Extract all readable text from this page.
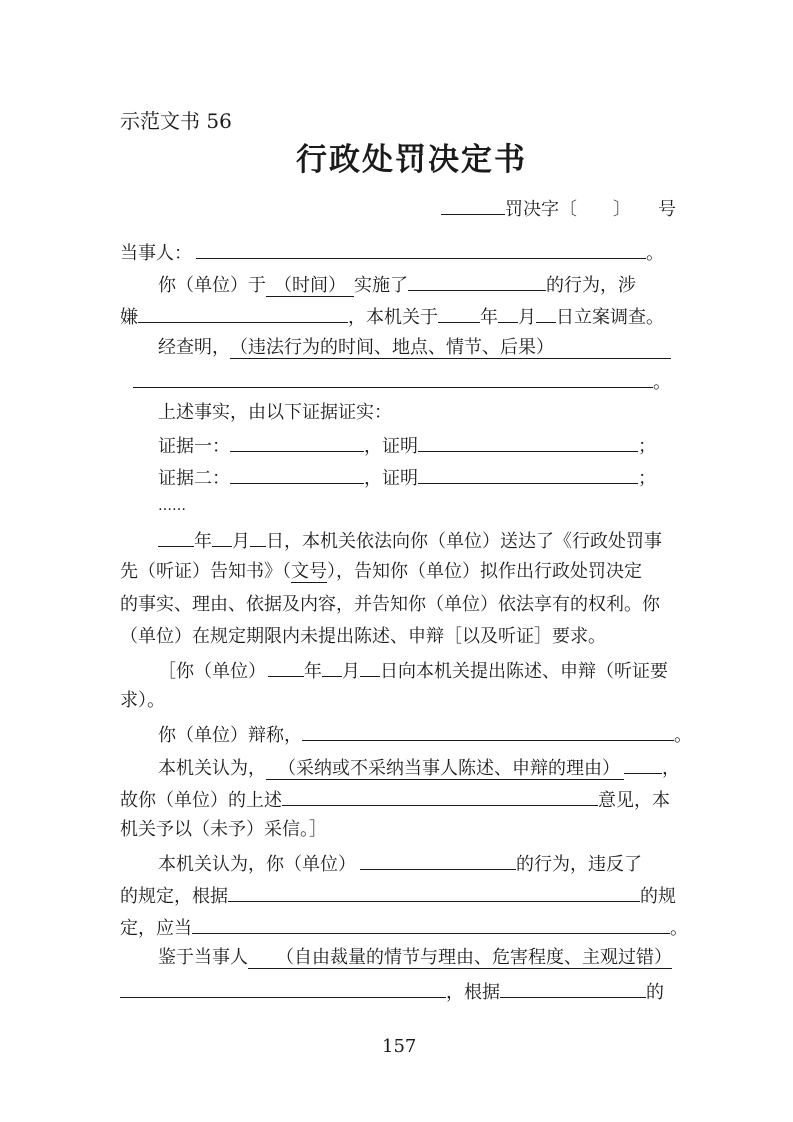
示范文书 56
行政处罚决定书
罚决字〔　　〕　　号
当事人：	。
你（单位）于 （时间） 实施了	的行为，涉
嫌	，本机关于 年 月 日立案调查。
经查明，（违法行为的时间、地点、情节、后果）
。
上述事实，由以下证据证实：
证据一：	，证明	；
证据二：	，证明	；
……
年 月 日，本机关依法向你（单位）送达了《行政处罚事
先（听证）告知书》（文号），告知你（单位）拟作出行政处罚决定
的事实、理由、依据及内容，并告知你（单位）依法享有的权利。你
（单位）在规定期限内未提出陈述、申辩［以及听证］要求。
［你（单位） 年 月 日向本机关提出陈述、申辩（听证要
求）。
你（单位）辩称，	。
本机关认为， （采纳或不采纳当事人陈述、申辩的理由） ，
故你（单位）的上述	意见，本
机关予以（未予）采信。］
本机关认为，你（单位）	的行为，违反了
的规定，根据	的规
定，应当	。
鉴于当事人 （自由裁量的情节与理由、危害程度、主观过错）
，根据	的
157
